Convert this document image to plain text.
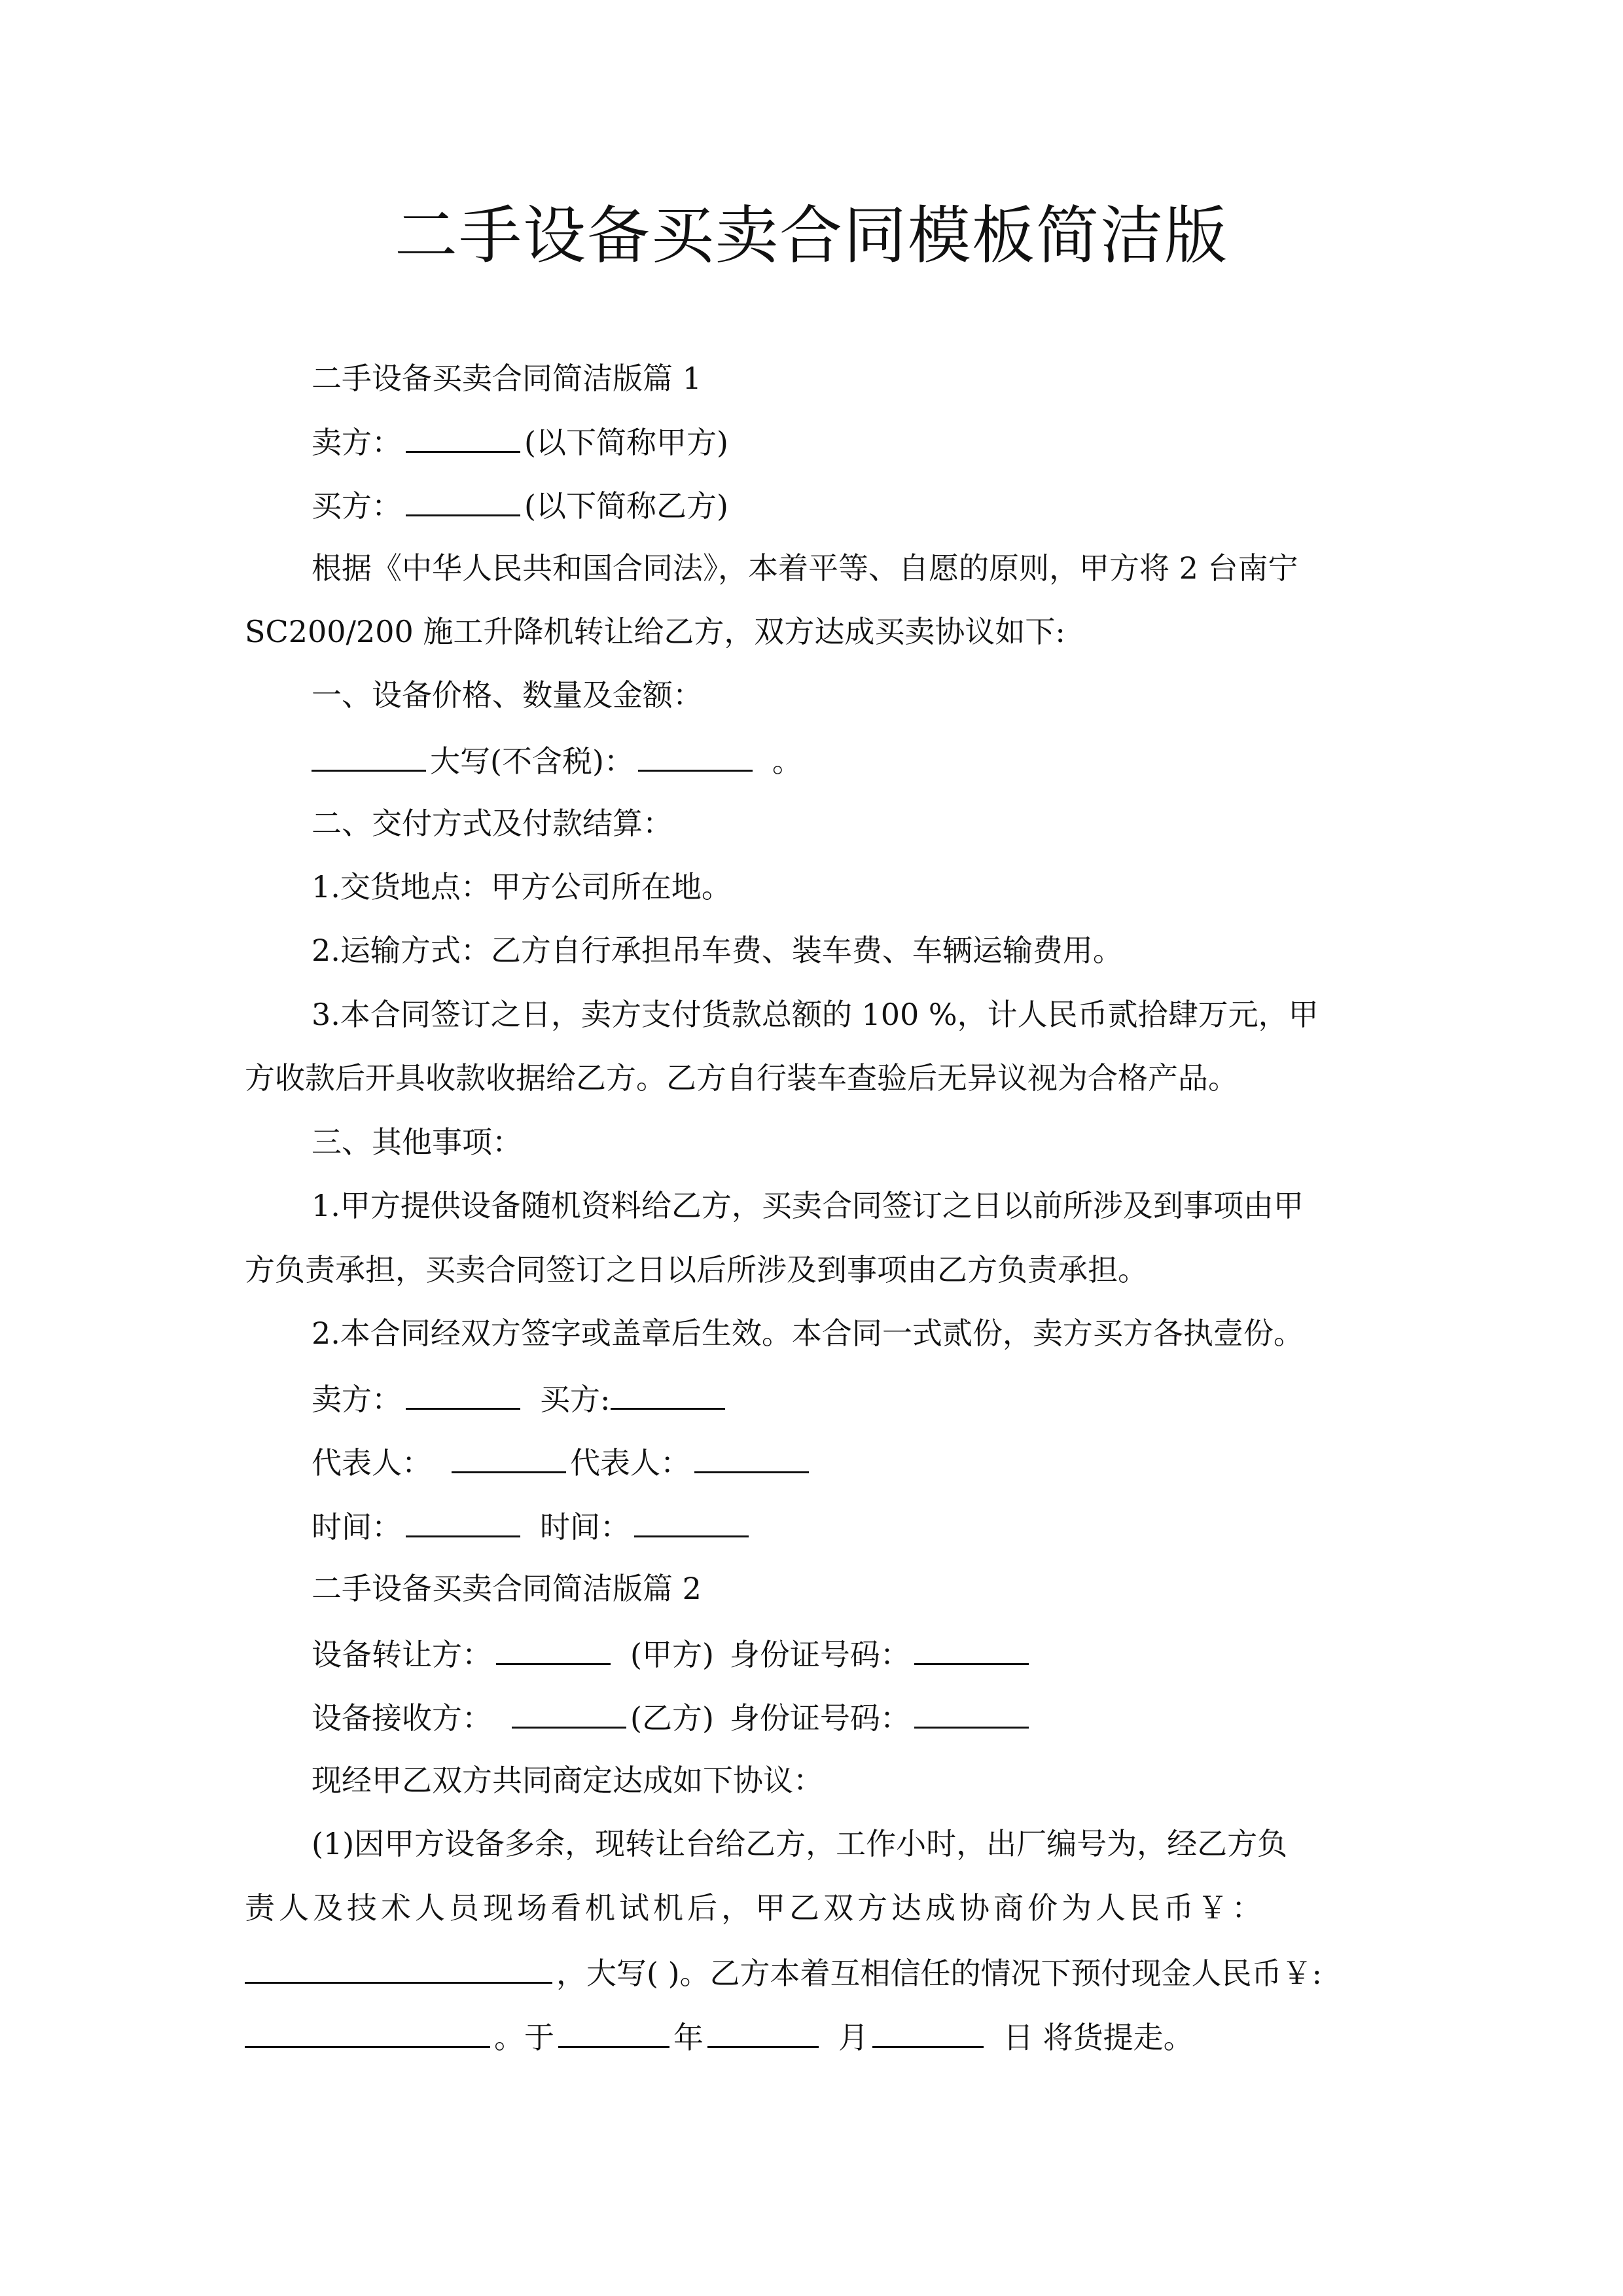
二手设备买卖合同模板简洁版
二手设备买卖合同简洁版篇 1
卖方：	(以下简称甲方)
买方：	(以下简称乙方)
根据《中华人民共和国合同法》，本着平等、自愿的原则，甲方将 2 台南宁
SC200/200 施工升降机转让给乙方，双方达成买卖协议如下:
一、设备价格、数量及金额：
大写(不含税)：	。
二、交付方式及付款结算：
1.交货地点：甲方公司所在地。
2.运输方式：乙方自行承担吊车费、装车费、车辆运输费用。
3.本合同签订之日，卖方支付货款总额的 100 %，计人民币贰拾肆万元，甲
方收款后开具收款收据给乙方。乙方自行装车查验后无异议视为合格产品。
三、其他事项：
1.甲方提供设备随机资料给乙方，买卖合同签订之日以前所涉及到事项由甲
方负责承担，买卖合同签订之日以后所涉及到事项由乙方负责承担。
2.本合同经双方签字或盖章后生效。本合同一式贰份，卖方买方各执壹份。
卖方：	买方:
代表人：	代表人：
时间：	时间：
二手设备买卖合同简洁版篇 2
设备转让方：	(甲方) 身份证号码：
设备接收方：	(乙方) 身份证号码：
现经甲乙双方共同商定达成如下协议：
(1)因甲方设备多余，现转让台给乙方，工作小时，出厂编号为，经乙方负
责人及技术人员现场看机试机后，甲乙双方达成协商价为人民币￥：
，大写( )。乙方本着互相信任的情况下预付现金人民币￥:
。于	年	月	日 将货提走。
